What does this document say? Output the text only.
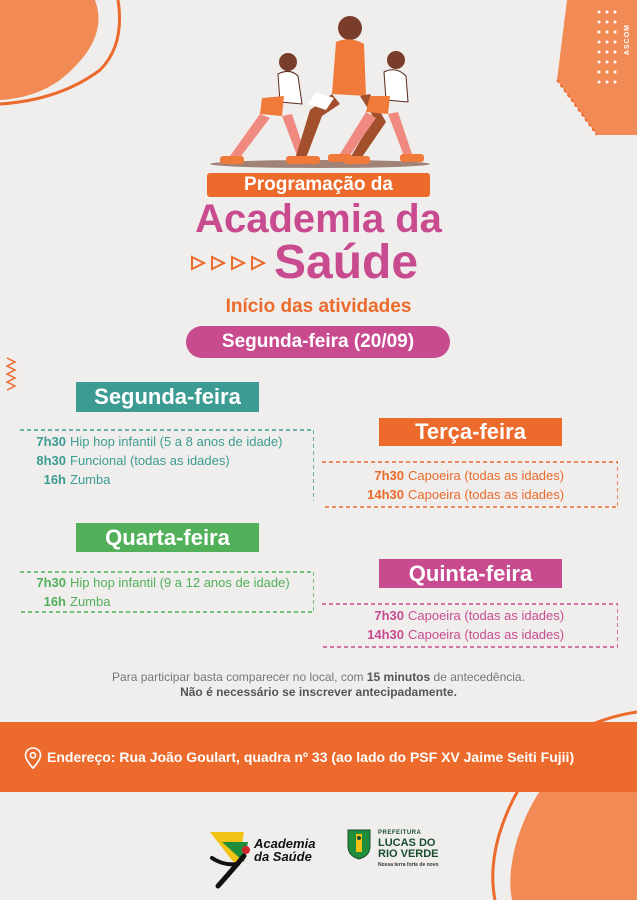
ASCOM
Programação da
Academia da
Saúde
Início das atividades
Segunda-feira (20/09)
Segunda-feira
7h30 Hip hop infantil (5 a 8 anos de idade)
8h30 Funcional (todas as idades)
16h Zumba
Terça-feira
7h30 Capoeira (todas as idades)
14h30 Capoeira (todas as idades)
Quarta-feira
7h30 Hip hop infantil (9 a 12 anos de idade)
16h Zumba
Quinta-feira
7h30 Capoeira (todas as idades)
14h30 Capoeira (todas as idades)
Para participar basta comparecer no local, com 15 minutos de antecedência.
Não é necessário se inscrever antecipadamente.
Endereço: Rua João Goulart, quadra nº 33 (ao lado do PSF XV Jaime Seiti Fujii)
Academia
da Saúde
PREFEITURA
LUCAS DO
RIO VERDE
Nossa terra forte de novo
